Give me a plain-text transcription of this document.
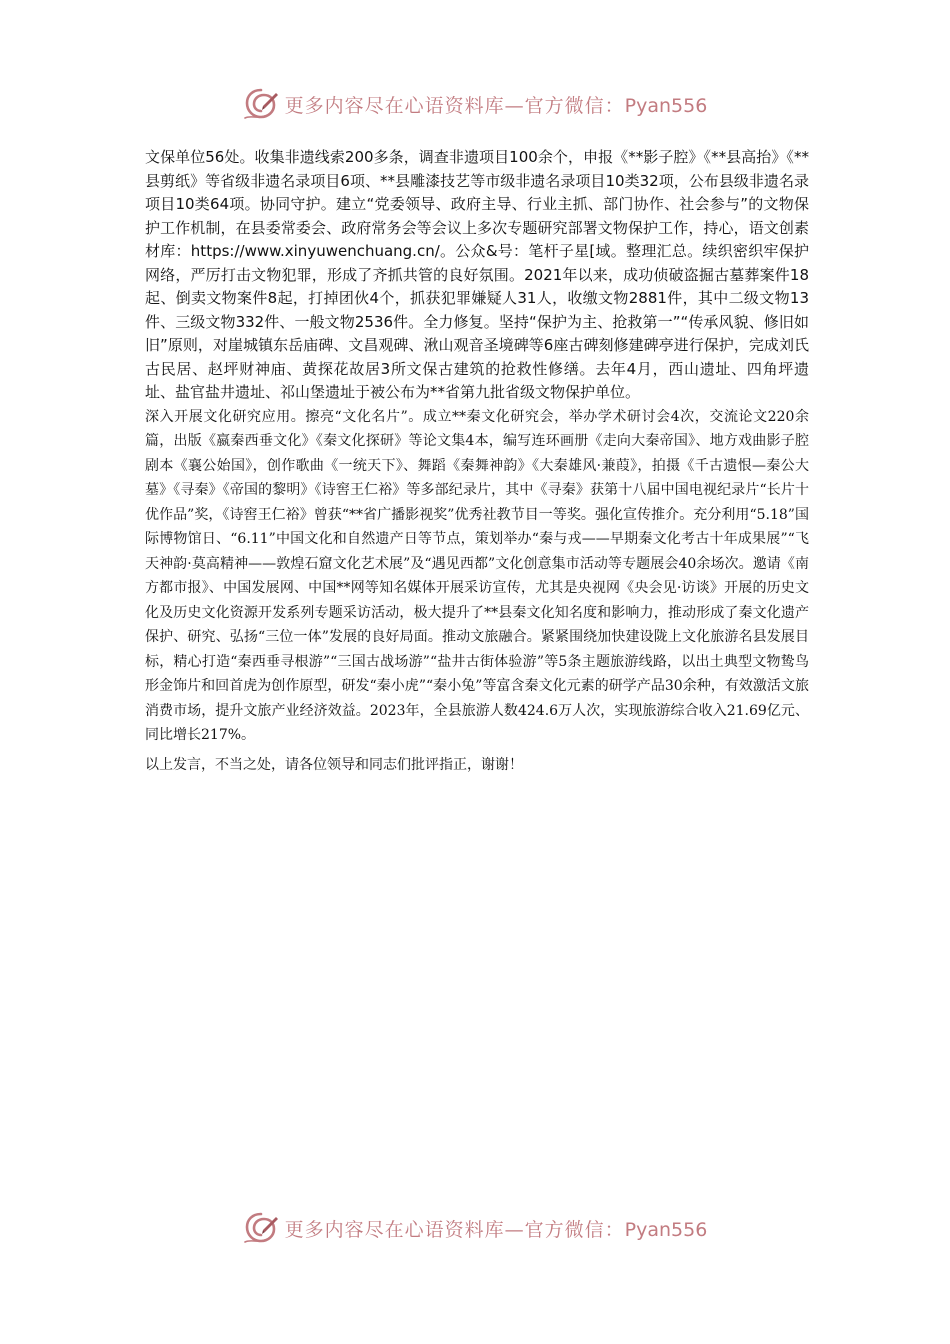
更多内容尽在心语资料库—官方微信：Pyan556

文保单位56处。收集非遗线索200多条，调查非遗项目100余个，申报《**影子腔》《**县高抬》《**县剪纸》等省级非遗名录项目6项、**县雕漆技艺等市级非遗名录项目10类32项，公布县级非遗名录项目10类64项。协同守护。建立“党委领导、政府主导、行业主抓、部门协作、社会参与”的文物保护工作机制，在县委常委会、政府常务会等会议上多次专题研究部署文物保护工作，持心，语文创素材库：https://www.xinyuwenchuang.cn/。公众&号：笔杆子星[域。整理汇总。续织密织牢保护网络，严厉打击文物犯罪，形成了齐抓共管的良好氛围。2021年以来，成功侦破盗掘古墓葬案件18起、倒卖文物案件8起，打掉团伙4个，抓获犯罪嫌疑人31人，收缴文物2881件，其中二级文物13件、三级文物332件、一般文物2536件。全力修复。坚持“保护为主、抢救第一”“传承风貌、修旧如旧”原则，对崖城镇东岳庙碑、文昌观碑、湫山观音圣境碑等6座古碑刻修建碑亭进行保护，完成刘氏古民居、赵坪财神庙、黄探花故居3所文保古建筑的抢救性修缮。去年4月，西山遗址、四角坪遗址、盐官盐井遗址、祁山堡遗址于被公布为**省第九批省级文物保护单位。

深入开展文化研究应用。擦亮“文化名片”。成立**秦文化研究会，举办学术研讨会4次，交流论文220余篇，出版《嬴秦西垂文化》《秦文化探研》等论文集4本，编写连环画册《走向大秦帝国》、地方戏曲影子腔剧本《襄公始国》，创作歌曲《一统天下》、舞蹈《秦舞神韵》《大秦雄风·兼葭》，拍摄《千古遗恨—秦公大墓》《寻秦》《帝国的黎明》《诗窖王仁裕》等多部纪录片，其中《寻秦》获第十八届中国电视纪录片“长片十优作品”奖，《诗窖王仁裕》曾获“**省广播影视奖”优秀社教节目一等奖。强化宣传推介。充分利用“5.18”国际博物馆日、“6.11”中国文化和自然遗产日等节点，策划举办“秦与戎——早期秦文化考古十年成果展”“飞天神韵·莫高精神——敦煌石窟文化艺术展”及“遇见西都”文化创意集市活动等专题展会40余场次。邀请《南方都市报》、中国发展网、中国**网等知名媒体开展采访宣传，尤其是央视网《央会见·访谈》开展的历史文化及历史文化资源开发系列专题采访活动，极大提升了**县秦文化知名度和影响力，推动形成了秦文化遗产保护、研究、弘扬“三位一体”发展的良好局面。推动文旅融合。紧紧围绕加快建设陇上文化旅游名县发展目标，精心打造“秦西垂寻根游”“三国古战场游”“盐井古街体验游”等5条主题旅游线路，以出土典型文物鸷鸟形金饰片和回首虎为创作原型，研发“秦小虎”“秦小兔”等富含秦文化元素的研学产品30余种，有效激活文旅消费市场，提升文旅产业经济效益。2023年，全县旅游人数424.6万人次，实现旅游综合收入21.69亿元、同比增长217%。

以上发言，不当之处，请各位领导和同志们批评指正，谢谢！

更多内容尽在心语资料库—官方微信：Pyan556
